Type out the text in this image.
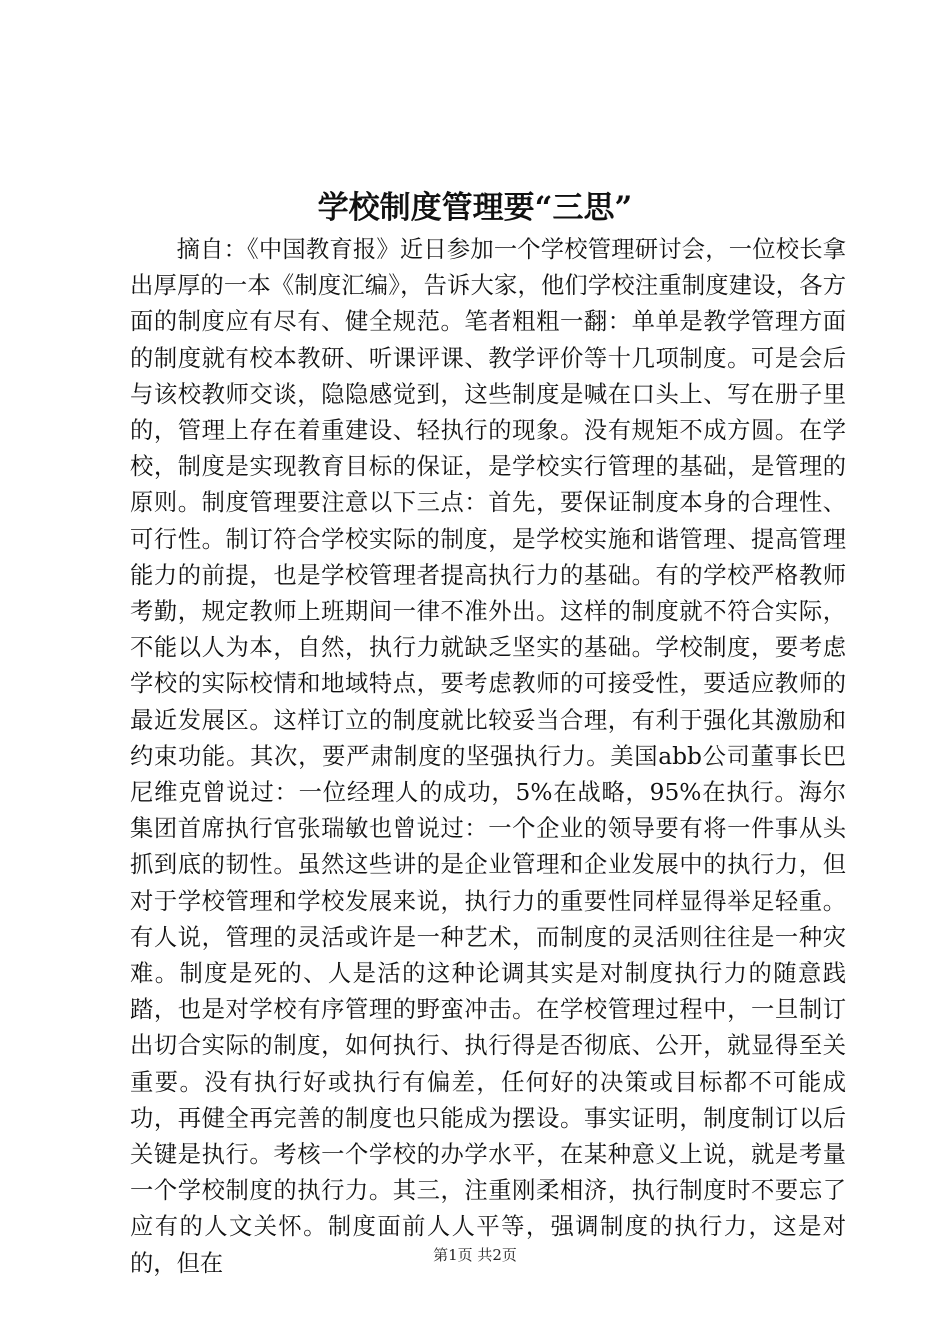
学校制度管理要“三思”

摘自：《中国教育报》近日参加一个学校管理研讨会，一位校长拿出厚厚的一本《制度汇编》，告诉大家，他们学校注重制度建设，各方面的制度应有尽有、健全规范。笔者粗粗一翻：单单是教学管理方面的制度就有校本教研、听课评课、教学评价等十几项制度。可是会后与该校教师交谈，隐隐感觉到，这些制度是喊在口头上、写在册子里的，管理上存在着重建设、轻执行的现象。没有规矩不成方圆。在学校，制度是实现教育目标的保证，是学校实行管理的基础，是管理的原则。制度管理要注意以下三点：首先，要保证制度本身的合理性、可行性。制订符合学校实际的制度，是学校实施和谐管理、提高管理能力的前提，也是学校管理者提高执行力的基础。有的学校严格教师考勤，规定教师上班期间一律不准外出。这样的制度就不符合实际，不能以人为本，自然，执行力就缺乏坚实的基础。学校制度，要考虑学校的实际校情和地域特点，要考虑教师的可接受性，要适应教师的最近发展区。这样订立的制度就比较妥当合理，有利于强化其激励和约束功能。其次，要严肃制度的坚强执行力。美国abb公司董事长巴尼维克曾说过：一位经理人的成功，5%在战略，95%在执行。海尔集团首席执行官张瑞敏也曾说过：一个企业的领导要有将一件事从头抓到底的韧性。虽然这些讲的是企业管理和企业发展中的执行力，但对于学校管理和学校发展来说，执行力的重要性同样显得举足轻重。有人说，管理的灵活或许是一种艺术，而制度的灵活则往往是一种灾难。制度是死的、人是活的这种论调其实是对制度执行力的随意践踏，也是对学校有序管理的野蛮冲击。在学校管理过程中，一旦制订出切合实际的制度，如何执行、执行得是否彻底、公开，就显得至关重要。没有执行好或执行有偏差，任何好的决策或目标都不可能成功，再健全再完善的制度也只能成为摆设。事实证明，制度制订以后关键是执行。考核一个学校的办学水平，在某种意义上说，就是考量一个学校制度的执行力。其三，注重刚柔相济，执行制度时不要忘了应有的人文关怀。制度面前人人平等，强调制度的执行力，这是对的，但在	第1页 共2页
